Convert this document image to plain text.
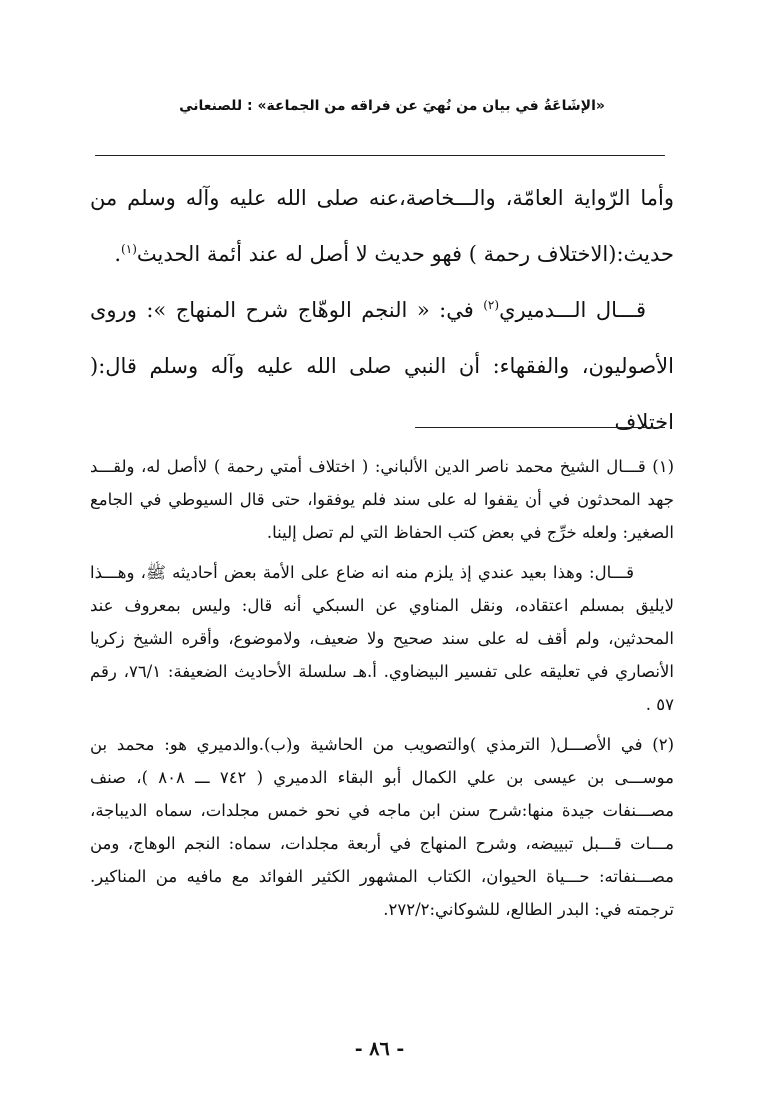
«الإشَاعَةُ في بيان من نُهيَ عن فراقه من الجماعة» : للصنعاني

وأما الرّواية العامّة، والـــخاصة،عنه صلى الله عليه وآله وسلم من حديث:(الاختلاف رحمة ) فهو حديث لا أصل له عند أئمة الحديث$^{(١)}$.

قـــال الـــدميري$^{(٢)}$ في: « النجم الوهّاج شرح المنهاج »: وروى الأصوليون، والفقهاء: أن النبي صلى الله عليه وآله وسلم قال:( اختلاف

(١) قـــال الشيخ محمد ناصر الدين الألباني: ( اختلاف أمتي رحمة ) لاأصل له، ولقـــد جهد المحدثون في أن يقفوا له على سند فلم يوفقوا، حتى قال السيوطي في الجامع الصغير: ولعله خرِّج في بعض كتب الحفاظ التي لم تصل إلينا.

قـــال: وهذا بعيد عندي إذ يلزم منه انه ضاع على الأمة بعض أحاديثه ﷺ، وهـــذا لايليق بمسلم اعتقاده، ونقل المناوي عن السبكي أنه قال: وليس بمعروف عند المحدثين، ولم أقف له على سند صحيح ولا ضعيف، ولاموضوع، وأقره الشيخ زكريا الأنصاري في تعليقه على تفسير البيضاوي. أ.هـ سلسلة الأحاديث الضعيفة: ٧٦/١، رقم ٥٧ .

(٢) في الأصـــل( الترمذي )والتصويب من الحاشية و(ب).والدميري هو: محمد بن موســـى بن عيسى بن علي الكمال أبو البقاء الدميري ( ٧٤٢ ـــ ٨٠٨ )، صنف مصـــنفات جيدة منها:شرح سنن ابن ماجه في نحو خمس مجلدات، سماه الديباجة، مـــات قـــبل تبييضه، وشرح المنهاج في أربعة مجلدات، سماه: النجم الوهاج، ومن مصـــنفاته: حـــياة الحيوان، الكتاب المشهور الكثير الفوائد مع مافيه من المناكير. ترجمته في: البدر الطالع، للشوكاني:٢٧٢/٢.

- ٨٦ -
